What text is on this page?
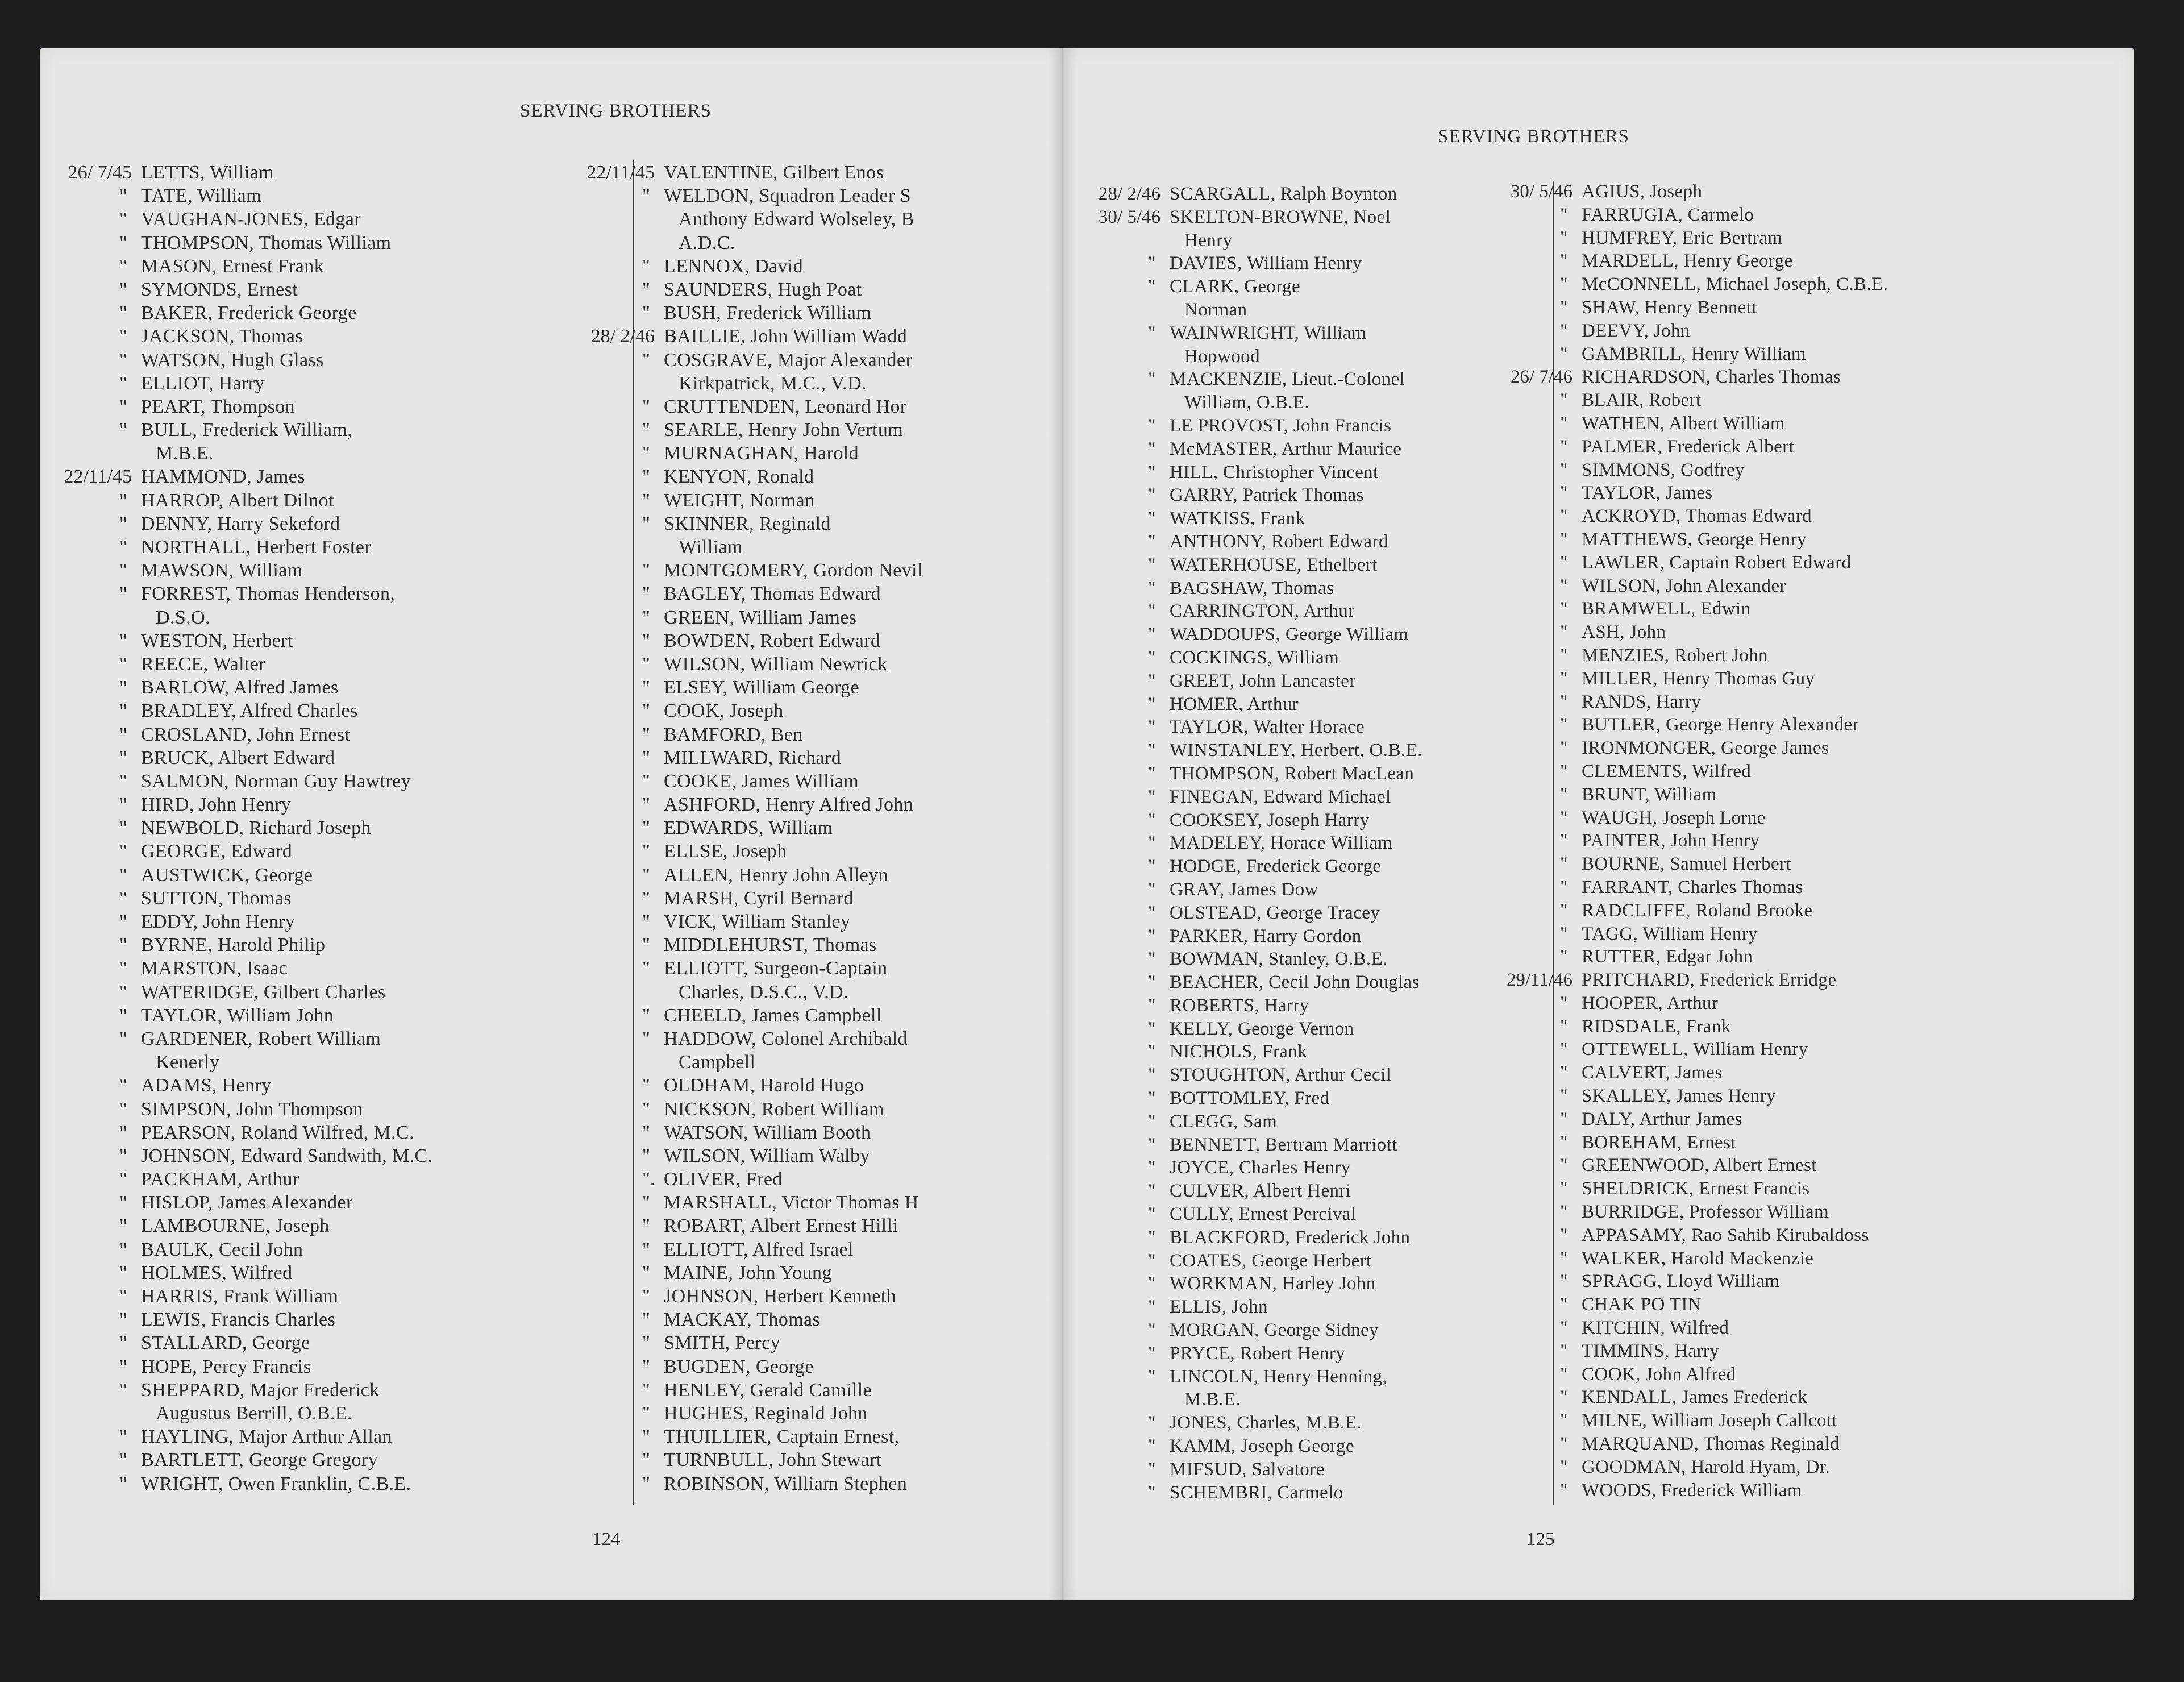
SERVING BROTHERS
SERVING BROTHERS
26/ 7/45 LETTS, William
" TATE, William
" VAUGHAN-JONES, Edgar
" THOMPSON, Thomas William
" MASON, Ernest Frank
" SYMONDS, Ernest
" BAKER, Frederick George
" JACKSON, Thomas
" WATSON, Hugh Glass
" ELLIOT, Harry
" PEART, Thompson
" BULL, Frederick William,
M.B.E.
22/11/45 HAMMOND, James
" HARROP, Albert Dilnot
" DENNY, Harry Sekeford
" NORTHALL, Herbert Foster
" MAWSON, William
" FORREST, Thomas Henderson,
D.S.O.
" WESTON, Herbert
" REECE, Walter
" BARLOW, Alfred James
" BRADLEY, Alfred Charles
" CROSLAND, John Ernest
" BRUCK, Albert Edward
" SALMON, Norman Guy Hawtrey
" HIRD, John Henry
" NEWBOLD, Richard Joseph
" GEORGE, Edward
" AUSTWICK, George
" SUTTON, Thomas
" EDDY, John Henry
" BYRNE, Harold Philip
" MARSTON, Isaac
" WATERIDGE, Gilbert Charles
" TAYLOR, William John
" GARDENER, Robert William
Kenerly
" ADAMS, Henry
" SIMPSON, John Thompson
" PEARSON, Roland Wilfred, M.C.
" JOHNSON, Edward Sandwith, M.C.
" PACKHAM, Arthur
" HISLOP, James Alexander
" LAMBOURNE, Joseph
" BAULK, Cecil John
" HOLMES, Wilfred
" HARRIS, Frank William
" LEWIS, Francis Charles
" STALLARD, George
" HOPE, Percy Francis
" SHEPPARD, Major Frederick
Augustus Berrill, O.B.E.
" HAYLING, Major Arthur Allan
" BARTLETT, George Gregory
" WRIGHT, Owen Franklin, C.B.E.
22/11/45 VALENTINE, Gilbert Enos
" WELDON, Squadron Leader S
Anthony Edward Wolseley, B
A.D.C.
" LENNOX, David
" SAUNDERS, Hugh Poat
" BUSH, Frederick William
28/ 2/46 BAILLIE, John William Wadd
" COSGRAVE, Major Alexander
Kirkpatrick, M.C., V.D.
" CRUTTENDEN, Leonard Hor
" SEARLE, Henry John Vertum
" MURNAGHAN, Harold
" KENYON, Ronald
" WEIGHT, Norman
" SKINNER, Reginald
William
" MONTGOMERY, Gordon Nevil
" BAGLEY, Thomas Edward
" GREEN, William James
" BOWDEN, Robert Edward
" WILSON, William Newrick
" ELSEY, William George
" COOK, Joseph
" BAMFORD, Ben
" MILLWARD, Richard
" COOKE, James William
" ASHFORD, Henry Alfred John
" EDWARDS, William
" ELLSE, Joseph
" ALLEN, Henry John Alleyn
" MARSH, Cyril Bernard
" VICK, William Stanley
" MIDDLEHURST, Thomas
" ELLIOTT, Surgeon-Captain
Charles, D.S.C., V.D.
" CHEELD, James Campbell
" HADDOW, Colonel Archibald
Campbell
" OLDHAM, Harold Hugo
" NICKSON, Robert William
" WATSON, William Booth
" WILSON, William Walby
". OLIVER, Fred
" MARSHALL, Victor Thomas H
" ROBART, Albert Ernest Hilli
" ELLIOTT, Alfred Israel
" MAINE, John Young
" JOHNSON, Herbert Kenneth
" MACKAY, Thomas
" SMITH, Percy
" BUGDEN, George
" HENLEY, Gerald Camille
" HUGHES, Reginald John
" THUILLIER, Captain Ernest,
" TURNBULL, John Stewart
" ROBINSON, William Stephen
28/ 2/46 SCARGALL, Ralph Boynton
30/ 5/46 SKELTON-BROWNE, Noel
Henry
" DAVIES, William Henry
" CLARK, George
Norman
" WAINWRIGHT, William
Hopwood
" MACKENZIE, Lieut.-Colonel
William, O.B.E.
" LE PROVOST, John Francis
" McMASTER, Arthur Maurice
" HILL, Christopher Vincent
" GARRY, Patrick Thomas
" WATKISS, Frank
" ANTHONY, Robert Edward
" WATERHOUSE, Ethelbert
" BAGSHAW, Thomas
" CARRINGTON, Arthur
" WADDOUPS, George William
" COCKINGS, William
" GREET, John Lancaster
" HOMER, Arthur
" TAYLOR, Walter Horace
" WINSTANLEY, Herbert, O.B.E.
" THOMPSON, Robert MacLean
" FINEGAN, Edward Michael
" COOKSEY, Joseph Harry
" MADELEY, Horace William
" HODGE, Frederick George
" GRAY, James Dow
" OLSTEAD, George Tracey
" PARKER, Harry Gordon
" BOWMAN, Stanley, O.B.E.
" BEACHER, Cecil John Douglas
" ROBERTS, Harry
" KELLY, George Vernon
" NICHOLS, Frank
" STOUGHTON, Arthur Cecil
" BOTTOMLEY, Fred
" CLEGG, Sam
" BENNETT, Bertram Marriott
" JOYCE, Charles Henry
" CULVER, Albert Henri
" CULLY, Ernest Percival
" BLACKFORD, Frederick John
" COATES, George Herbert
" WORKMAN, Harley John
" ELLIS, John
" MORGAN, George Sidney
" PRYCE, Robert Henry
" LINCOLN, Henry Henning,
M.B.E.
" JONES, Charles, M.B.E.
" KAMM, Joseph George
" MIFSUD, Salvatore
" SCHEMBRI, Carmelo
30/ 5/46 AGIUS, Joseph
" FARRUGIA, Carmelo
" HUMFREY, Eric Bertram
" MARDELL, Henry George
" McCONNELL, Michael Joseph, C.B.E.
" SHAW, Henry Bennett
" DEEVY, John
" GAMBRILL, Henry William
26/ 7/46 RICHARDSON, Charles Thomas
" BLAIR, Robert
" WATHEN, Albert William
" PALMER, Frederick Albert
" SIMMONS, Godfrey
" TAYLOR, James
" ACKROYD, Thomas Edward
" MATTHEWS, George Henry
" LAWLER, Captain Robert Edward
" WILSON, John Alexander
" BRAMWELL, Edwin
" ASH, John
" MENZIES, Robert John
" MILLER, Henry Thomas Guy
" RANDS, Harry
" BUTLER, George Henry Alexander
" IRONMONGER, George James
" CLEMENTS, Wilfred
" BRUNT, William
" WAUGH, Joseph Lorne
" PAINTER, John Henry
" BOURNE, Samuel Herbert
" FARRANT, Charles Thomas
" RADCLIFFE, Roland Brooke
" TAGG, William Henry
" RUTTER, Edgar John
29/11/46 PRITCHARD, Frederick Erridge
" HOOPER, Arthur
" RIDSDALE, Frank
" OTTEWELL, William Henry
" CALVERT, James
" SKALLEY, James Henry
" DALY, Arthur James
" BOREHAM, Ernest
" GREENWOOD, Albert Ernest
" SHELDRICK, Ernest Francis
" BURRIDGE, Professor William
" APPASAMY, Rao Sahib Kirubaldoss
" WALKER, Harold Mackenzie
" SPRAGG, Lloyd William
" CHAK PO TIN
" KITCHIN, Wilfred
" TIMMINS, Harry
" COOK, John Alfred
" KENDALL, James Frederick
" MILNE, William Joseph Callcott
" MARQUAND, Thomas Reginald
" GOODMAN, Harold Hyam, Dr.
" WOODS, Frederick William
124	125
